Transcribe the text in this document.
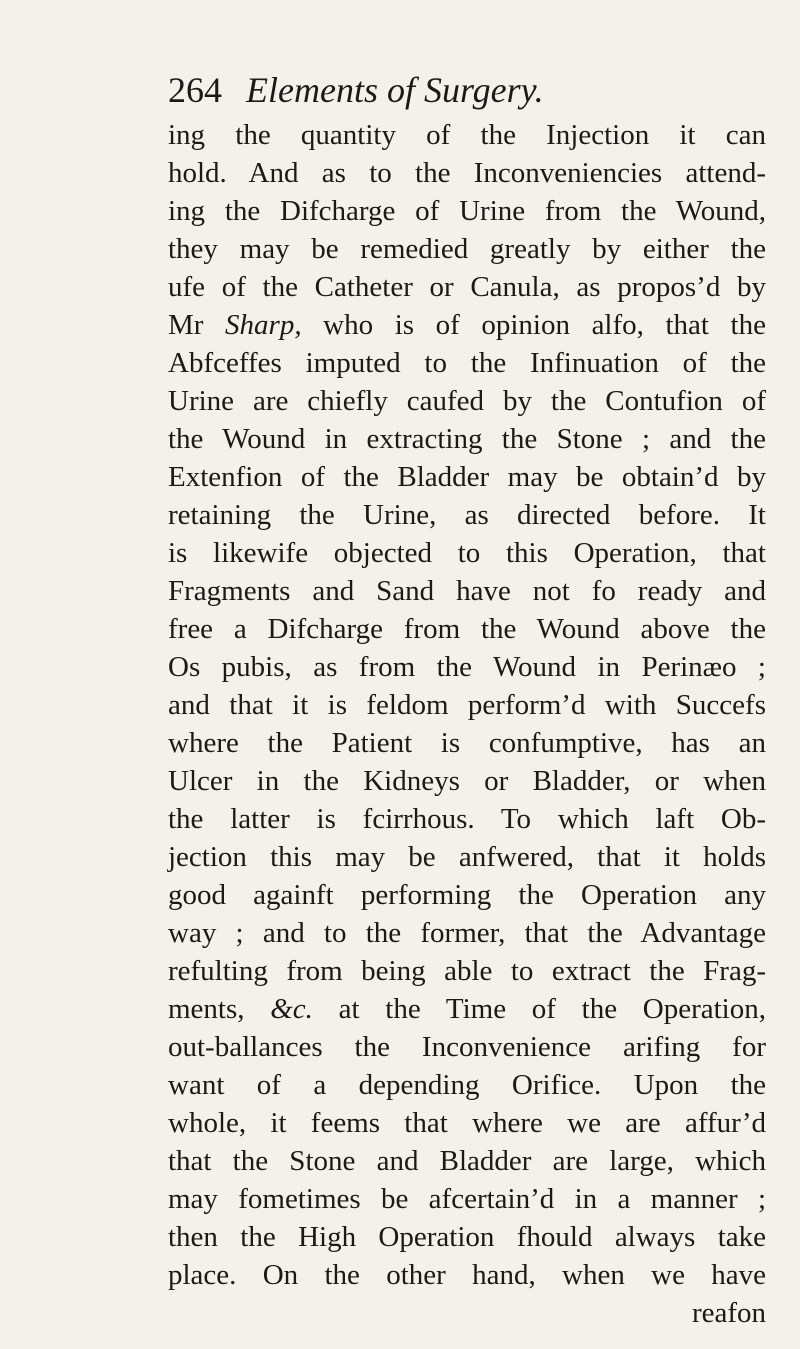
264 Elements of Surgery.
ing the quantity of the Injection it can
hold. And as to the Inconveniencies attend-
ing the Difcharge of Urine from the Wound,
they may be remedied greatly by either the
ufe of the Catheter or Canula, as propos’d by
Mr Sharp, who is of opinion alfo, that the
Abfceffes imputed to the Infinuation of the
Urine are chiefly caufed by the Contufion of
the Wound in extracting the Stone ; and the
Extenfion of the Bladder may be obtain’d by
retaining the Urine, as directed before. It
is likewife objected to this Operation, that
Fragments and Sand have not fo ready and
free a Difcharge from the Wound above the
Os pubis, as from the Wound in Perinæo ;
and that it is feldom perform’d with Succefs
where the Patient is confumptive, has an
Ulcer in the Kidneys or Bladder, or when
the latter is fcirrhous. To which laft Ob-
jection this may be anfwered, that it holds
good againft performing the Operation any
way ; and to the former, that the Advantage
refulting from being able to extract the Frag-
ments, &c. at the Time of the Operation,
out-ballances the Inconvenience arifing for
want of a depending Orifice. Upon the
whole, it feems that where we are affur’d
that the Stone and Bladder are large, which
may fometimes be afcertain’d in a manner ;
then the High Operation fhould always take
place. On the other hand, when we have
reafon
